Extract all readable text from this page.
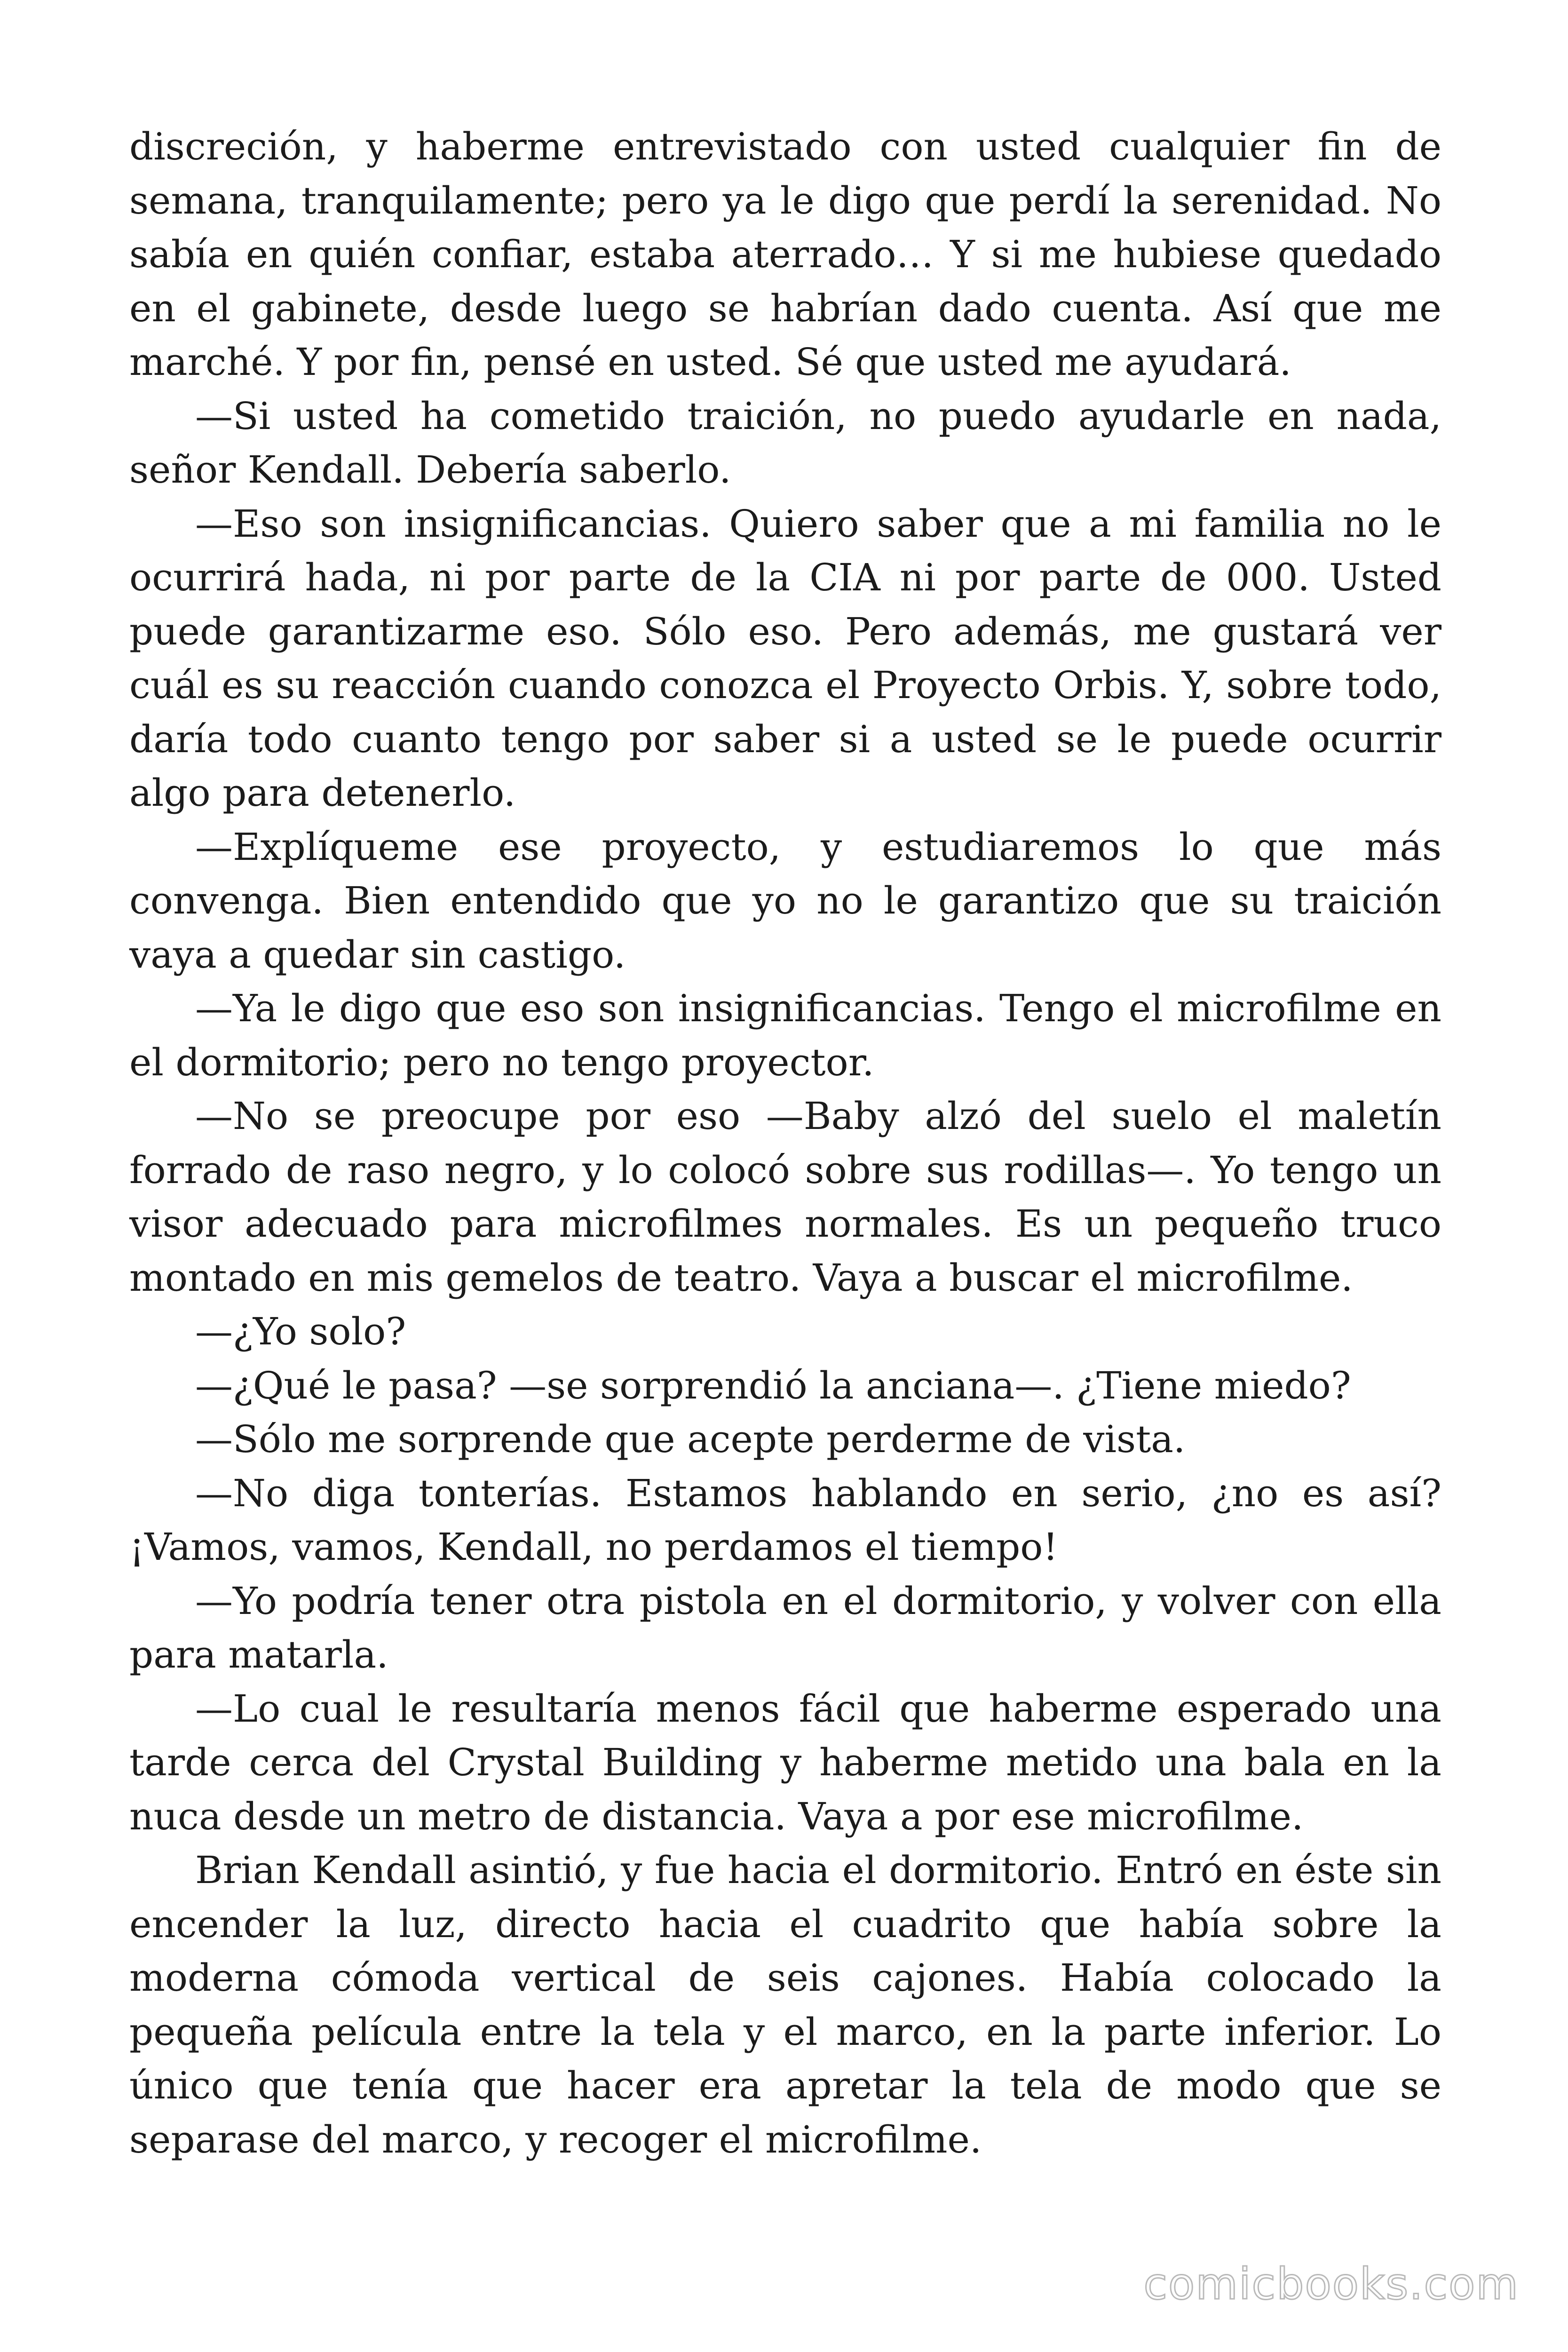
discreción, y haberme entrevistado con usted cualquier fin de semana, tranquilamente; pero ya le digo que perdí la serenidad. No sabía en quién confiar, estaba aterrado… Y si me hubiese quedado en el gabinete, desde luego se habrían dado cuenta. Así que me marché. Y por fin, pensé en usted. Sé que usted me ayudará.

—Si usted ha cometido traición, no puedo ayudarle en nada, señor Kendall. Debería saberlo.

—Eso son insignificancias. Quiero saber que a mi familia no le ocurrirá hada, ni por parte de la CIA ni por parte de 000. Usted puede garantizarme eso. Sólo eso. Pero además, me gustará ver cuál es su reacción cuando conozca el Proyecto Orbis. Y, sobre todo, daría todo cuanto tengo por saber si a usted se le puede ocurrir algo para detenerlo.

—Explíqueme ese proyecto, y estudiaremos lo que más convenga. Bien entendido que yo no le garantizo que su traición vaya a quedar sin castigo.

—Ya le digo que eso son insignificancias. Tengo el microfilme en el dormitorio; pero no tengo proyector.

—No se preocupe por eso —Baby alzó del suelo el maletín forrado de raso negro, y lo colocó sobre sus rodillas—. Yo tengo un visor adecuado para microfilmes normales. Es un pequeño truco montado en mis gemelos de teatro. Vaya a buscar el microfilme.

—¿Yo solo?

—¿Qué le pasa? —se sorprendió la anciana—. ¿Tiene miedo?

—Sólo me sorprende que acepte perderme de vista.

—No diga tonterías. Estamos hablando en serio, ¿no es así? ¡Vamos, vamos, Kendall, no perdamos el tiempo!

—Yo podría tener otra pistola en el dormitorio, y volver con ella para matarla.

—Lo cual le resultaría menos fácil que haberme esperado una tarde cerca del Crystal Building y haberme metido una bala en la nuca desde un metro de distancia. Vaya a por ese microfilme.

Brian Kendall asintió, y fue hacia el dormitorio. Entró en éste sin encender la luz, directo hacia el cuadrito que había sobre la moderna cómoda vertical de seis cajones. Había colocado la pequeña película entre la tela y el marco, en la parte inferior. Lo único que tenía que hacer era apretar la tela de modo que se separase del marco, y recoger el microfilme.

comicbooks.com
